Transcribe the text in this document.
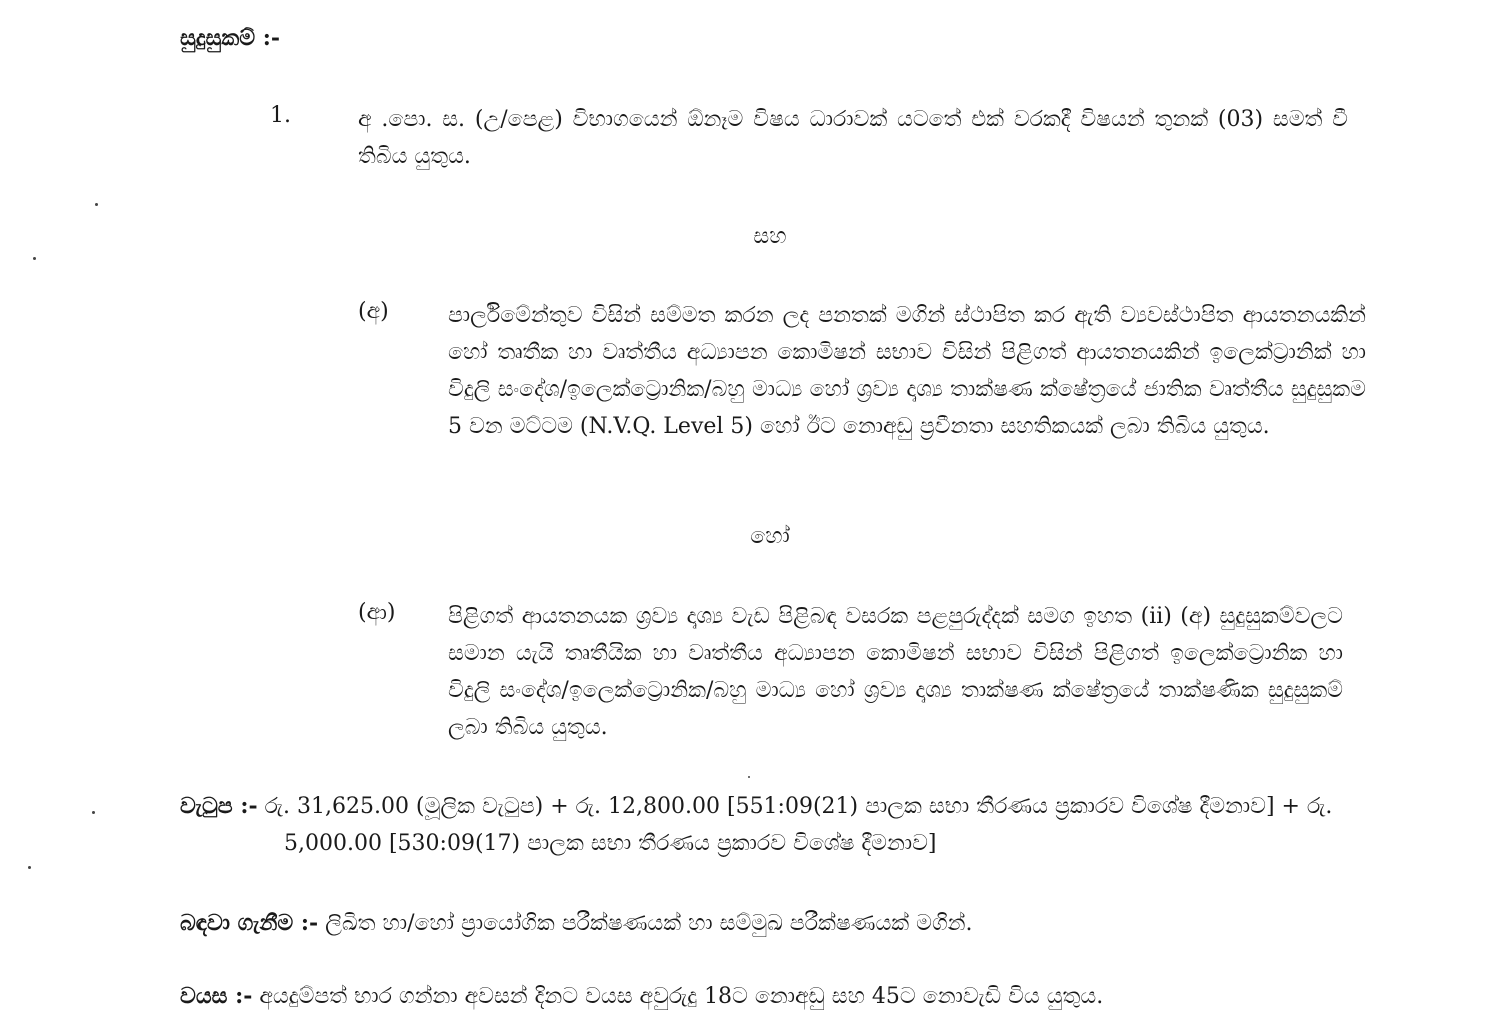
සුදුසුකම් :-
1.	අ .පො. ස. (උ/පෙළ) විභාගයෙන් ඕනෑම විෂය ධාරාවක් යටතේ එක් වරකදී විෂයන් තුනක් (03) සමත් වී තිබිය යුතුය.
සහ
(අ)	පාර්ලිමේන්තුව විසින් සම්මත කරන ලද පනතක් මගින් ස්ථාපිත කර ඇති ව්‍යවස්ථාපිත ආයතනයකින් හෝ තෘතීක හා වෘත්තීය අධ්‍යාපන කොමිෂන් සභාව විසින් පිළිගත් ආයතනයකින් ඉලෙක්ට්‍රානික් හා විදුලි සංදේශ/ඉලෙක්ට්‍රොනික/බහු මාධ්‍ය හෝ ශ්‍රව්‍ය දෘශ්‍ය තාක්ෂණ ක්ෂේත්‍රයේ ජාතික වෘත්තීය සුදුසුකම 5 වන මට්ටම (N.V.Q. Level 5) හෝ ඊට නොඅඩු ප්‍රවීනතා සහතිකයක් ලබා තිබිය යුතුය.
හෝ
(ආ) පිළිගත් ආයතනයක ශ්‍රව්‍ය දෘශ්‍ය වැඩ පිළිබඳ වසරක පළපුරුද්දක් සමග ඉහත (ii) (අ) සුදුසුකම්වලට සමාන යැයි තෘතීයික හා වෘත්තීය අධ්‍යාපන කොමිෂන් සභාව විසින් පිළිගත් ඉලෙක්ට්‍රොනික හා විදුලි සංදේශ/ඉලෙක්ට්‍රොනික/බහු මාධ්‍ය හෝ ශ්‍රව්‍ය දෘශ්‍ය තාක්ෂණ ක්ෂේත්‍රයේ තාක්ෂණික සුදුසුකම් ලබා තිබිය යුතුය.
වැටුප :- රු. 31,625.00 (මූලික වැටුප) + රු. 12,800.00 [551:09(21) පාලක සභා තීරණය ප්‍රකාරව විශේෂ දීමනාව] + රු. 5,000.00 [530:09(17) පාලක සභා තීරණය ප්‍රකාරව විශේෂ දීමනාව]
බඳවා ගැනීම :- ලිඛිත හා/හෝ ප්‍රායෝගික පරීක්ෂණයක් හා සම්මුඛ පරීක්ෂණයක් මගින්.
වයස :- අයදුම්පත් භාර ගන්නා අවසන් දිනට වයස අවුරුදු 18ට නොඅඩු සහ 45ට නොවැඩි විය යුතුය.
